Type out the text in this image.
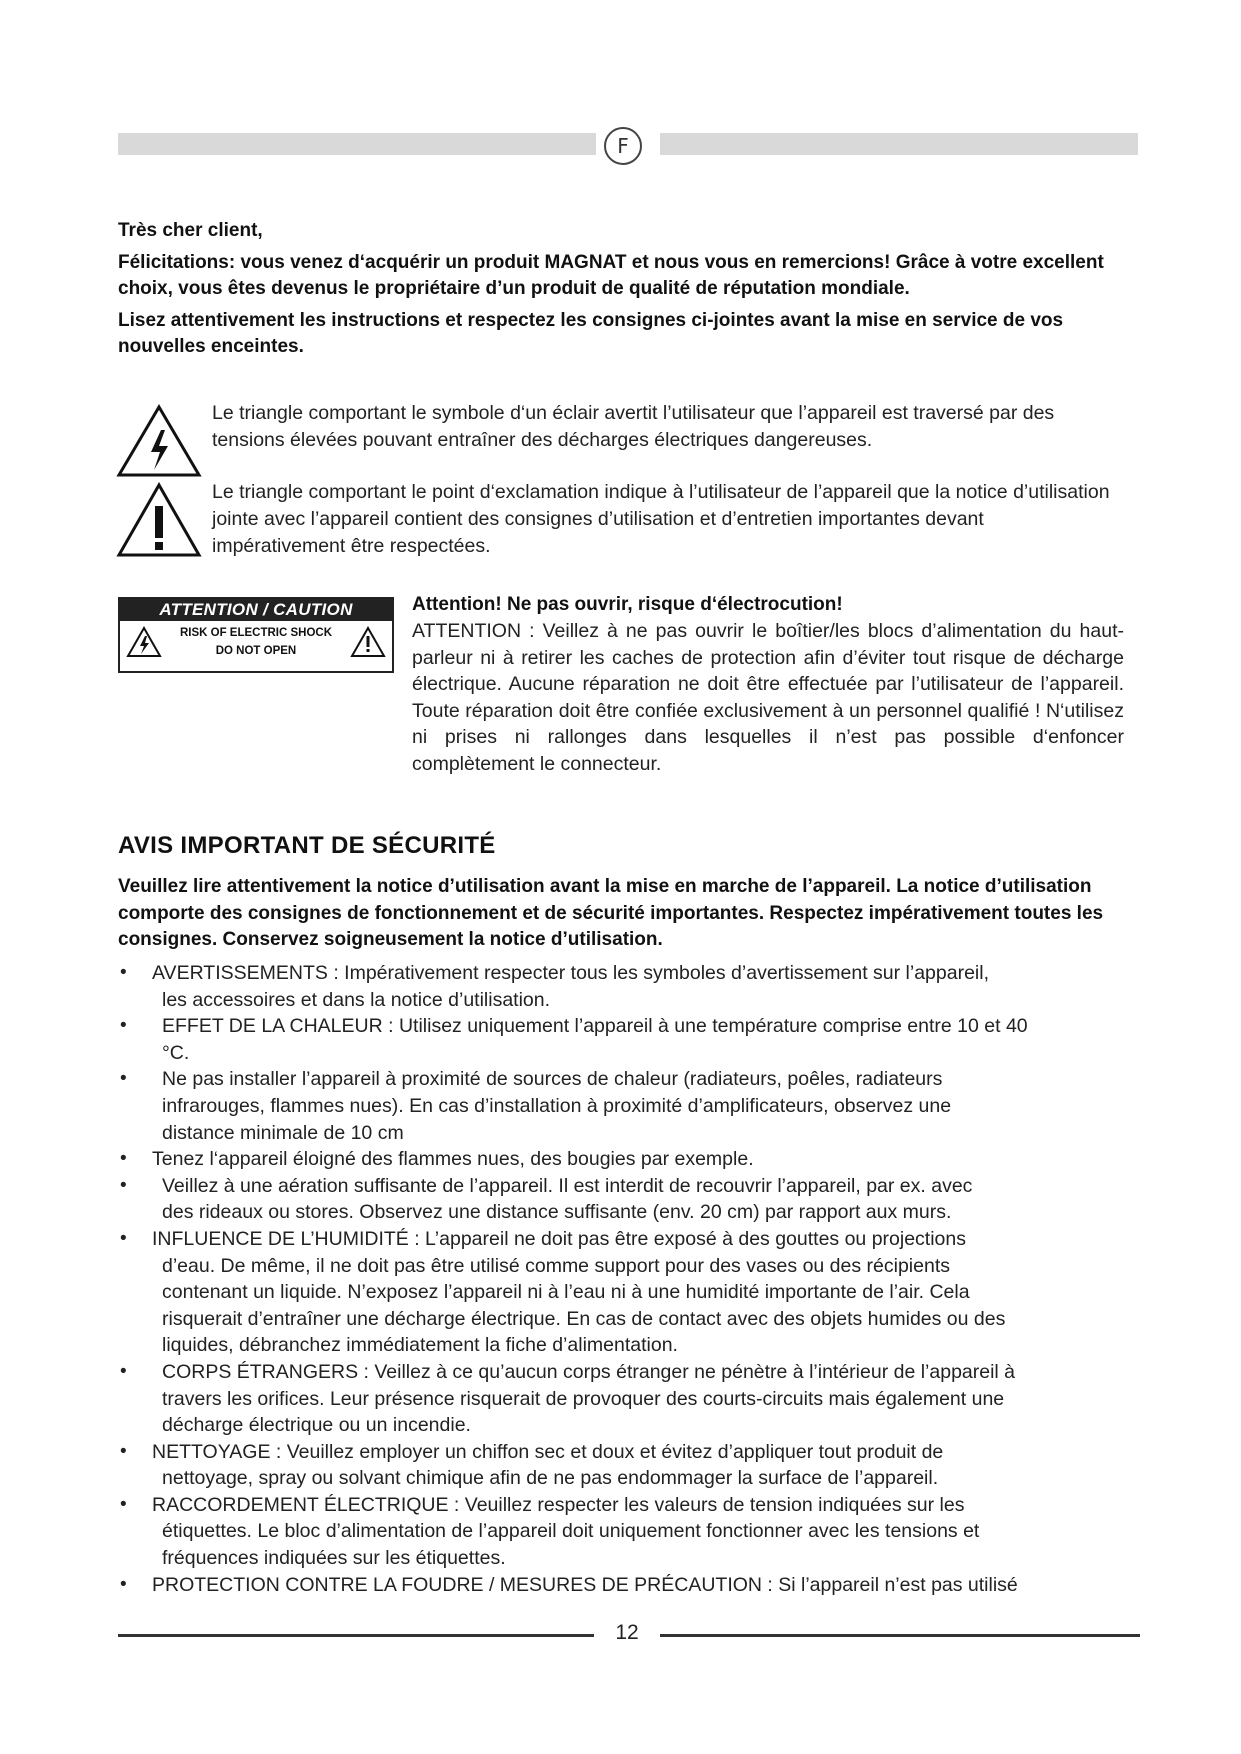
F

Très cher client,

Félicitations: vous venez d‘acquérir un produit MAGNAT et nous vous en remercions! Grâce à votre excellent choix, vous êtes devenus le propriétaire d’un produit de qualité de réputation mondiale.

Lisez attentivement les instructions et respectez les consignes ci-jointes avant la mise en service de vos nouvelles enceintes.

Le triangle comportant le symbole d‘un éclair avertit l’utilisateur que l’appareil est traversé par des tensions élevées pouvant entraîner des décharges électriques dangereuses.

Le triangle comportant le point d‘exclamation indique à l’utilisateur de l’appareil que la notice d’utilisation jointe avec l’appareil contient des consignes d’utilisation et d’entretien importantes devant impérativement être respectées.

ATTENTION / CAUTION
RISK OF ELECTRIC SHOCK
DO NOT OPEN

Attention! Ne pas ouvrir, risque d‘électrocution!

ATTENTION : Veillez à ne pas ouvrir le boîtier/les blocs d’alimentation du haut-parleur ni à retirer les caches de protection afin d’éviter tout risque de décharge électrique. Aucune réparation ne doit être effectuée par l’utilisateur de l’appareil. Toute réparation doit être confiée exclusivement à un personnel qualifié ! N‘utilisez ni prises ni rallonges dans lesquelles il n’est pas possible d‘enfoncer complètement le connecteur.

AVIS IMPORTANT DE SÉCURITÉ

Veuillez lire attentivement la notice d’utilisation avant la mise en marche de l’appareil. La notice d’utilisation comporte des consignes de fonctionnement et de sécurité importantes. Respectez impérativement toutes les consignes. Conservez soigneusement la notice d’utilisation.

• AVERTISSEMENTS : Impérativement respecter tous les symboles d’avertissement sur l’appareil,
les accessoires et dans la notice d’utilisation.
• EFFET DE LA CHALEUR : Utilisez uniquement l’appareil à une température comprise entre 10 et 40
°C.
• Ne pas installer l’appareil à proximité de sources de chaleur (radiateurs, poêles, radiateurs
infrarouges, flammes nues). En cas d’installation à proximité d’amplificateurs, observez une
distance minimale de 10 cm
• Tenez l‘appareil éloigné des flammes nues, des bougies par exemple.
• Veillez à une aération suffisante de l’appareil. Il est interdit de recouvrir l’appareil, par ex. avec
des rideaux ou stores. Observez une distance suffisante (env. 20 cm) par rapport aux murs.
• INFLUENCE DE L’HUMIDITÉ : L’appareil ne doit pas être exposé à des gouttes ou projections
d’eau. De même, il ne doit pas être utilisé comme support pour des vases ou des récipients
contenant un liquide. N’exposez l’appareil ni à l’eau ni à une humidité importante de l’air. Cela
risquerait d’entraîner une décharge électrique. En cas de contact avec des objets humides ou des
liquides, débranchez immédiatement la fiche d’alimentation.
• CORPS ÉTRANGERS : Veillez à ce qu’aucun corps étranger ne pénètre à l’intérieur de l’appareil à
travers les orifices. Leur présence risquerait de provoquer des courts-circuits mais également une
décharge électrique ou un incendie.
• NETTOYAGE : Veuillez employer un chiffon sec et doux et évitez d’appliquer tout produit de
nettoyage, spray ou solvant chimique afin de ne pas endommager la surface de l’appareil.
• RACCORDEMENT ÉLECTRIQUE : Veuillez respecter les valeurs de tension indiquées sur les
étiquettes. Le bloc d’alimentation de l’appareil doit uniquement fonctionner avec les tensions et
fréquences indiquées sur les étiquettes.
• PROTECTION CONTRE LA FOUDRE / MESURES DE PRÉCAUTION : Si l’appareil n’est pas utilisé
12
